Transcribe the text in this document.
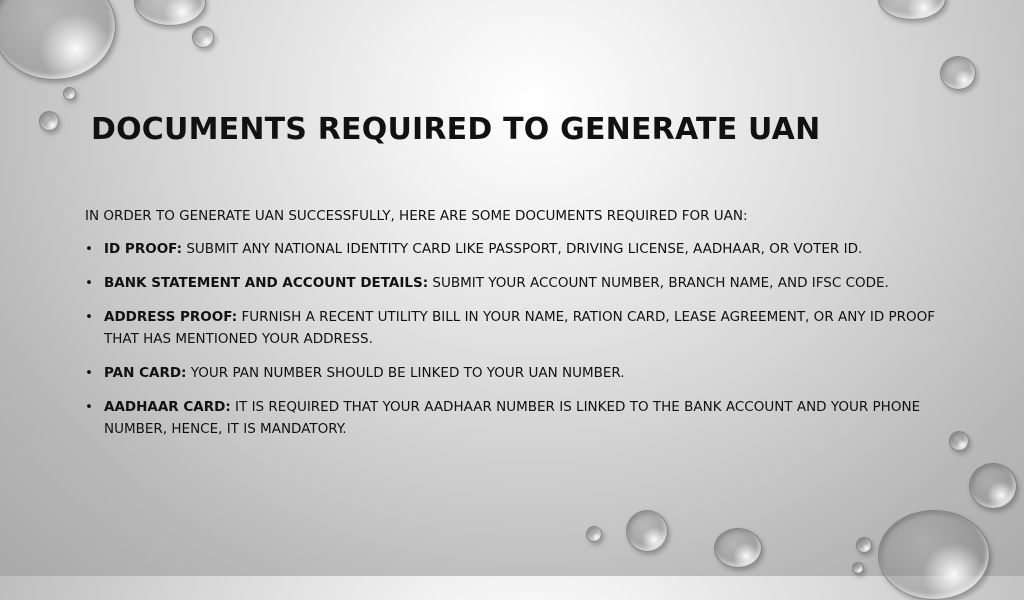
DOCUMENTS REQUIRED TO GENERATE UAN

IN ORDER TO GENERATE UAN SUCCESSFULLY, HERE ARE SOME DOCUMENTS REQUIRED FOR UAN:

• ID PROOF: SUBMIT ANY NATIONAL IDENTITY CARD LIKE PASSPORT, DRIVING LICENSE, AADHAAR, OR VOTER ID.
• BANK STATEMENT AND ACCOUNT DETAILS: SUBMIT YOUR ACCOUNT NUMBER, BRANCH NAME, AND IFSC CODE.
• ADDRESS PROOF: FURNISH A RECENT UTILITY BILL IN YOUR NAME, RATION CARD, LEASE AGREEMENT, OR ANY ID PROOF THAT HAS MENTIONED YOUR ADDRESS.
• PAN CARD: YOUR PAN NUMBER SHOULD BE LINKED TO YOUR UAN NUMBER.
• AADHAAR CARD: IT IS REQUIRED THAT YOUR AADHAAR NUMBER IS LINKED TO THE BANK ACCOUNT AND YOUR PHONE NUMBER, HENCE, IT IS MANDATORY.
